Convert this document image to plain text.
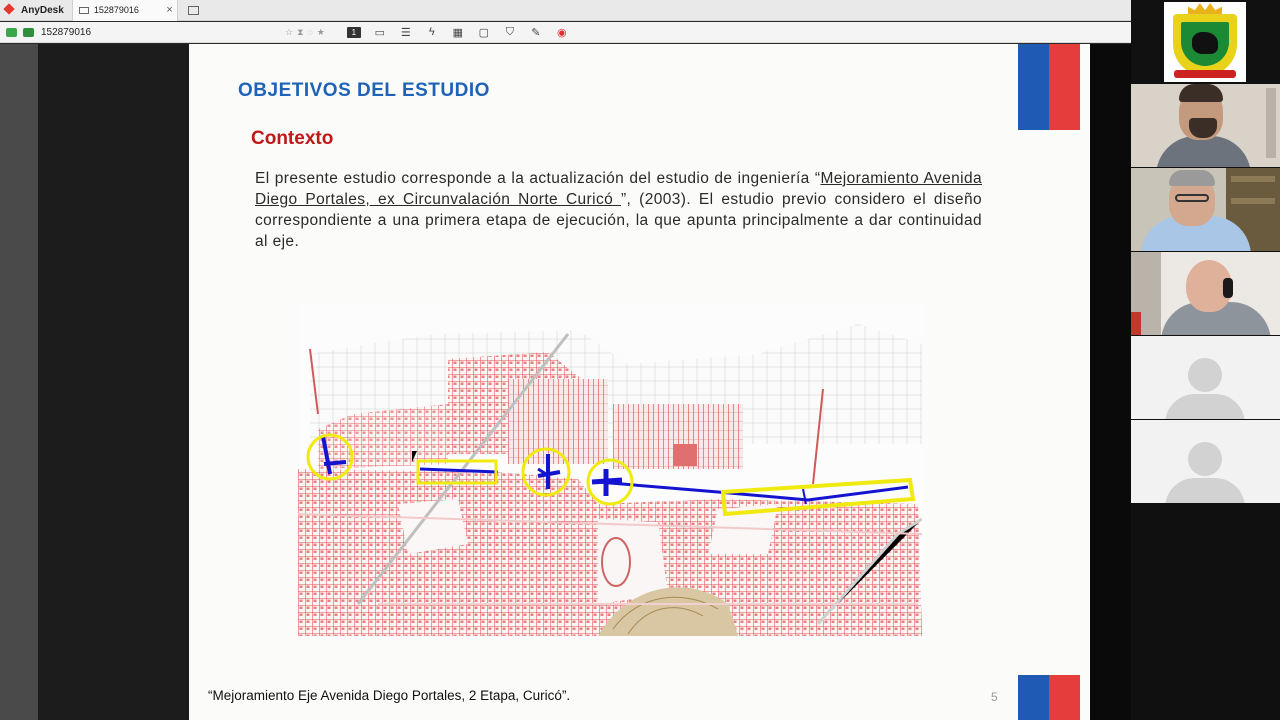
AnyDesk	152879016	×
152879016	☆ ⧗ ◌ ★	1	▭ ☰	ϟ	▦ ▢ ⛉ ✎ ◉
OBJETIVOS DEL ESTUDIO
Contexto
El presente estudio corresponde a la actualización del estudio de ingeniería “Mejoramiento Avenida Diego Portales, ex Circunvalación Norte Curicó ”, (2003). El estudio previo considero el diseño correspondiente a una primera etapa de ejecución, la que apunta principalmente a dar continuidad al eje.
“Mejoramiento Eje Avenida Diego Portales, 2 Etapa, Curicó”.	5
